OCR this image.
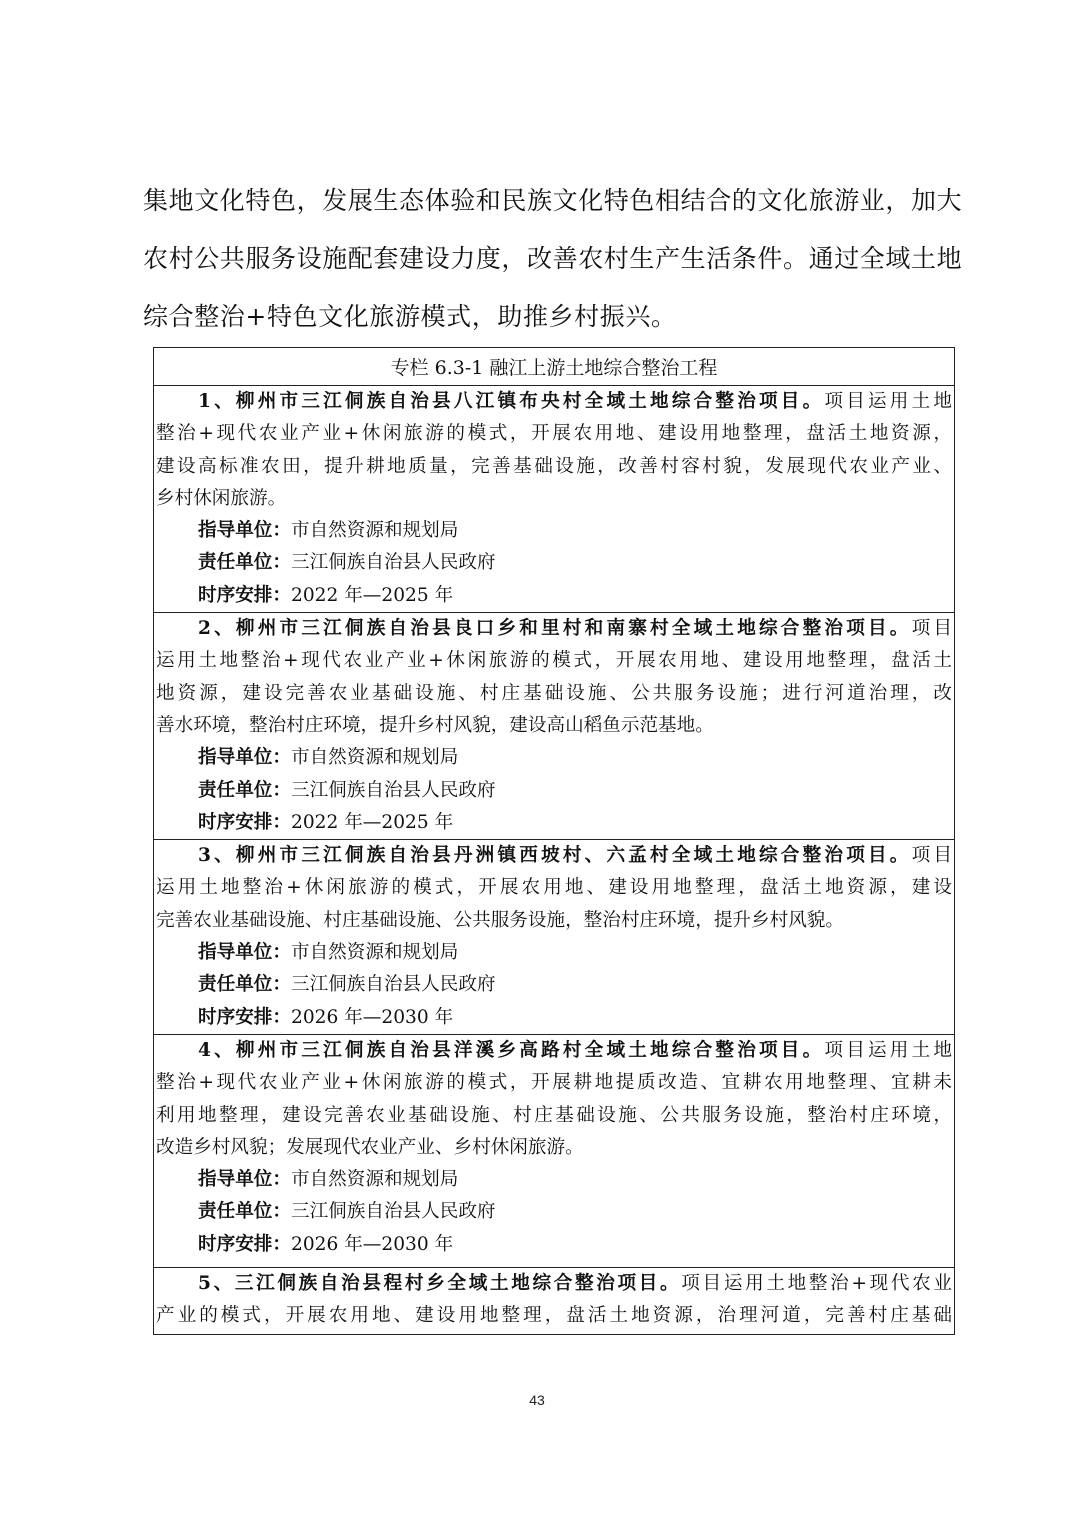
集地文化特色，发展生态体验和民族文化特色相结合的文化旅游业，加大

农村公共服务设施配套建设力度，改善农村生产生活条件。通过全域土地

综合整治+特色文化旅游模式，助推乡村振兴。

专栏 6.3-1 融江上游土地综合整治工程
1、柳州市三江侗族自治县八江镇布央村全域土地综合整治项目。项目运用土地
整治+现代农业产业+休闲旅游的模式，开展农用地、建设用地整理，盘活土地资源，
建设高标准农田，提升耕地质量，完善基础设施，改善村容村貌，发展现代农业产业、
乡村休闲旅游。
指导单位：市自然资源和规划局
责任单位：三江侗族自治县人民政府
时序安排：2022 年—2025 年
2、柳州市三江侗族自治县良口乡和里村和南寨村全域土地综合整治项目。项目
运用土地整治+现代农业产业+休闲旅游的模式，开展农用地、建设用地整理，盘活土
地资源，建设完善农业基础设施、村庄基础设施、公共服务设施；进行河道治理，改
善水环境，整治村庄环境，提升乡村风貌，建设高山稻鱼示范基地。
指导单位：市自然资源和规划局
责任单位：三江侗族自治县人民政府
时序安排：2022 年—2025 年
3、柳州市三江侗族自治县丹洲镇西坡村、六孟村全域土地综合整治项目。项目
运用土地整治+休闲旅游的模式，开展农用地、建设用地整理，盘活土地资源，建设
完善农业基础设施、村庄基础设施、公共服务设施，整治村庄环境，提升乡村风貌。
指导单位：市自然资源和规划局
责任单位：三江侗族自治县人民政府
时序安排：2026 年—2030 年
4、柳州市三江侗族自治县洋溪乡高路村全域土地综合整治项目。项目运用土地
整治+现代农业产业+休闲旅游的模式，开展耕地提质改造、宜耕农用地整理、宜耕未
利用地整理，建设完善农业基础设施、村庄基础设施、公共服务设施，整治村庄环境，
改造乡村风貌；发展现代农业产业、乡村休闲旅游。
指导单位：市自然资源和规划局
责任单位：三江侗族自治县人民政府
时序安排：2026 年—2030 年
5、三江侗族自治县程村乡全域土地综合整治项目。项目运用土地整治+现代农业
产业的模式，开展农用地、建设用地整理，盘活土地资源，治理河道，完善村庄基础
43
